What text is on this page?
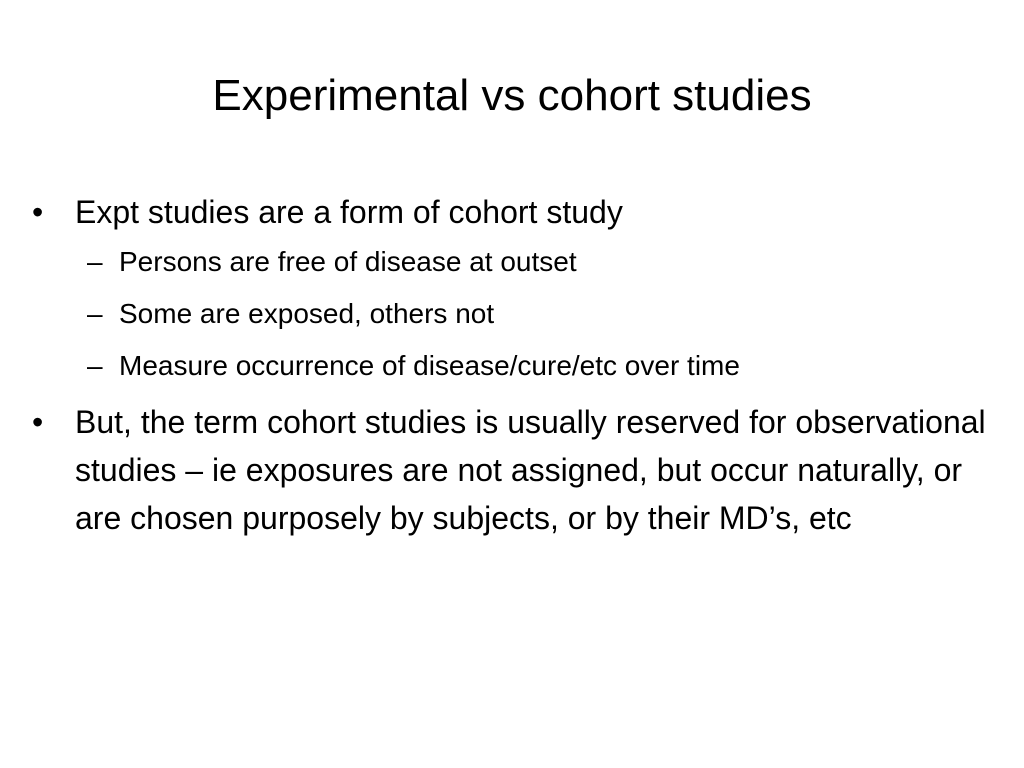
Experimental vs cohort studies
• Expt studies are a form of cohort study
– Persons are free of disease at outset
– Some are exposed, others not
– Measure occurrence of disease/cure/etc over time
• But, the term cohort studies is usually reserved for observational studies – ie exposures are not assigned, but occur naturally, or are chosen purposely by subjects, or by their MD’s, etc
